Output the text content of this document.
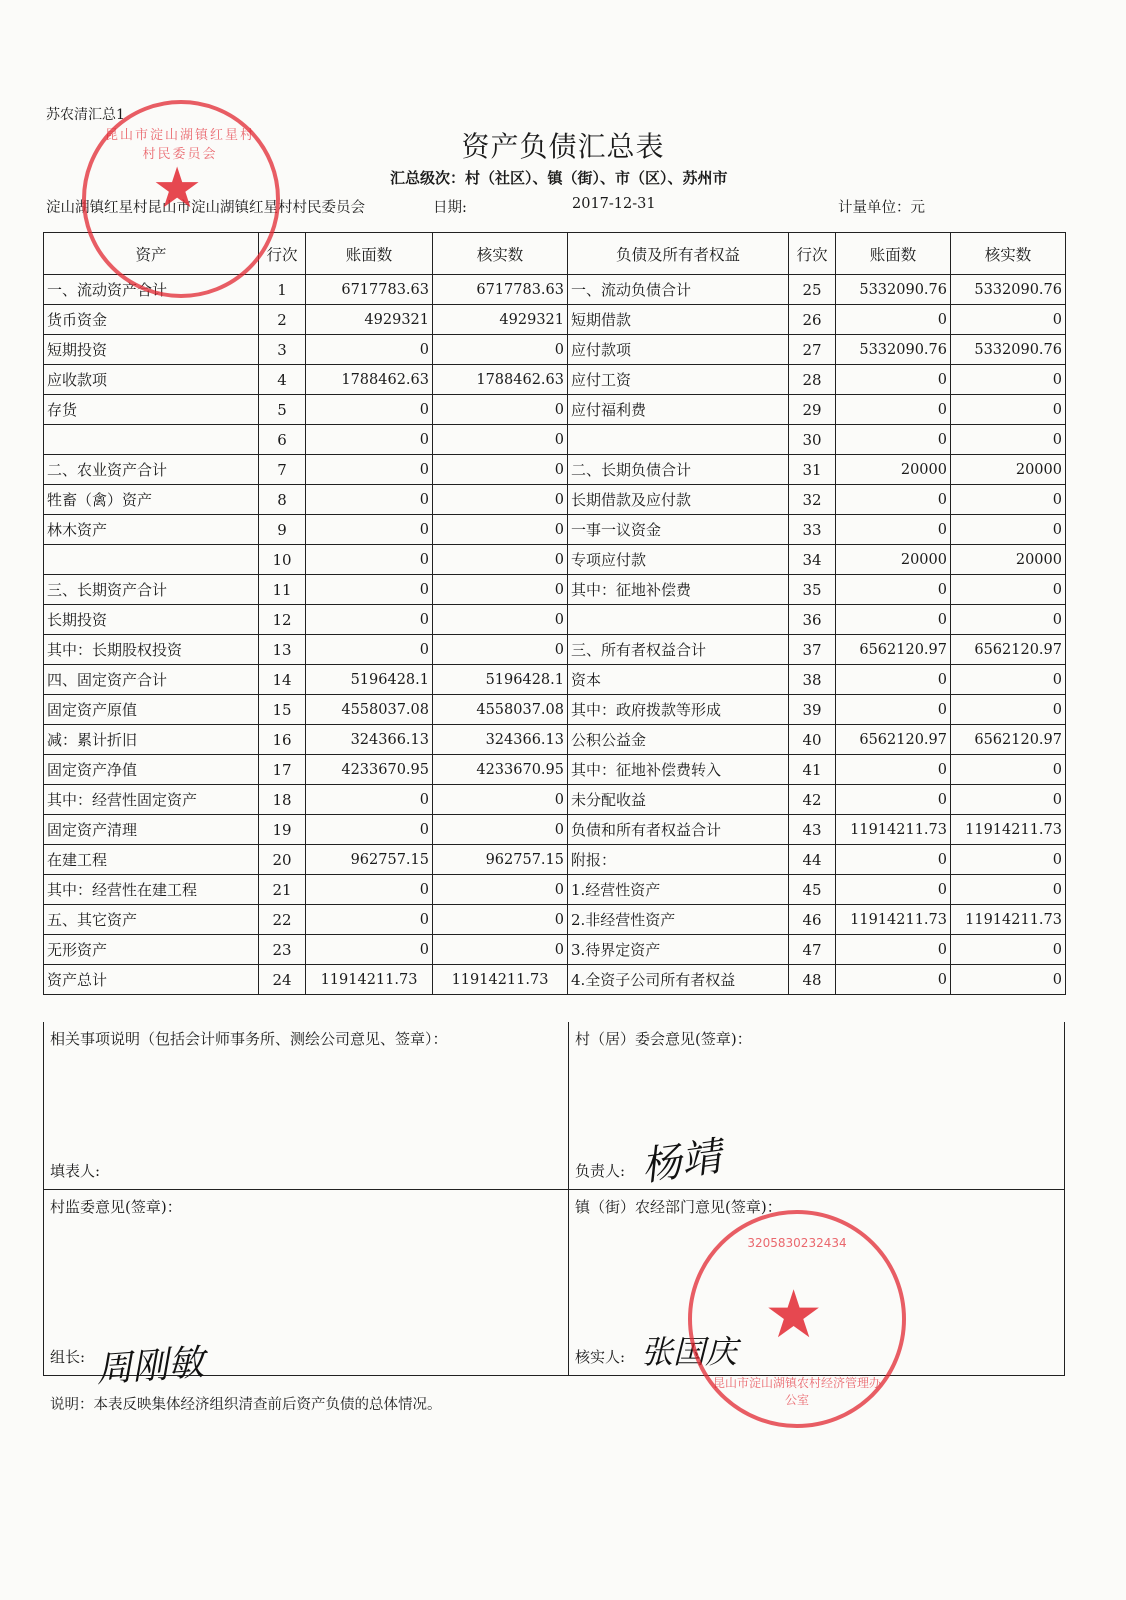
苏农清汇总1
资产负债汇总表
汇总级次：村（社区）、镇（街）、市（区）、苏州市
淀山湖镇红星村昆山市淀山湖镇红星村村民委员会	日期:	2017-12-31	计量单位：元
资产	行次	账面数	核实数	负债及所有者权益	行次	账面数	核实数
一、流动资产合计	1	6717783.63	6717783.63	一、流动负债合计	25	5332090.76	5332090.76
货币资金	2	4929321	4929321	短期借款	26	0	0
短期投资	3	0	0	应付款项	27	5332090.76	5332090.76
应收款项	4	1788462.63	1788462.63	应付工资	28	0	0
存货	5	0	0	应付福利费	29	0	0
	6	0	0		30	0	0
二、农业资产合计	7	0	0	二、长期负债合计	31	20000	20000
牲畜（禽）资产	8	0	0	长期借款及应付款	32	0	0
林木资产	9	0	0	一事一议资金	33	0	0
	10	0	0	专项应付款	34	20000	20000
三、长期资产合计	11	0	0	其中：征地补偿费	35	0	0
长期投资	12	0	0		36	0	0
其中：长期股权投资	13	0	0	三、所有者权益合计	37	6562120.97	6562120.97
四、固定资产合计	14	5196428.1	5196428.1	资本	38	0	0
固定资产原值	15	4558037.08	4558037.08	其中：政府拨款等形成	39	0	0
减：累计折旧	16	324366.13	324366.13	公积公益金	40	6562120.97	6562120.97
固定资产净值	17	4233670.95	4233670.95	其中：征地补偿费转入	41	0	0
其中：经营性固定资产	18	0	0	未分配收益	42	0	0
固定资产清理	19	0	0	负债和所有者权益合计	43	11914211.73	11914211.73
在建工程	20	962757.15	962757.15	附报：	44	0	0
其中：经营性在建工程	21	0	0	1.经营性资产	45	0	0
五、其它资产	22	0	0	2.非经营性资产	46	11914211.73	11914211.73
无形资产	23	0	0	3.待界定资产	47	0	0
资产总计	24	11914211.73	11914211.73	4.全资子公司所有者权益	48	0	0
相关事项说明（包括会计师事务所、测绘公司意见、签章）：
填表人:
村（居）委会意见(签章)：
负责人: 杨靖
村监委意见(签章)：
组长: 周刚敏
镇（街）农经部门意见(签章)：
核实人: 张国庆
说明：本表反映集体经济组织清查前后资产负债的总体情况。
★
昆山市淀山湖镇红星村村民委员会
★
3205830232434
昆山市淀山湖镇农村经济管理办公室
